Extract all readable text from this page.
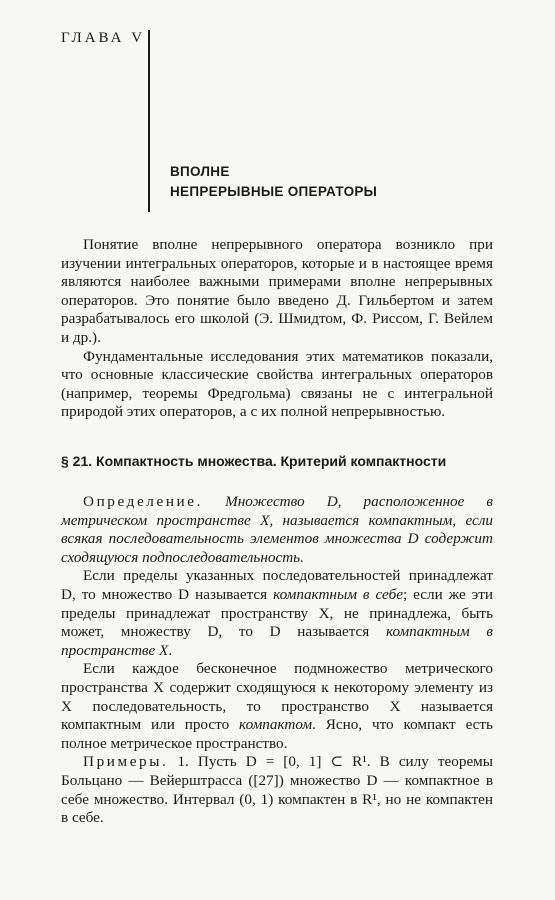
ГЛАВА V
ВПОЛНЕ
НЕПРЕРЫВНЫЕ ОПЕРАТОРЫ

Понятие вполне непрерывного оператора возникло при изучении интегральных операторов, которые и в настоящее время являются наиболее важными примерами вполне непрерывных операторов. Это понятие было введено Д. Гильбертом и затем разрабатывалось его школой (Э. Шмидтом, Ф. Риссом, Г. Вейлем и др.).

Фундаментальные исследования этих математиков показали, что основные классические свойства интегральных операторов (например, теоремы Фредгольма) связаны не с интегральной природой этих операторов, а с их полной непрерывностью.

§ 21. Компактность множества. Критерий компактности

Определение. Множество D, расположенное в метрическом пространстве X, называется компактным, если всякая последовательность элементов множества D содержит сходящуюся подпоследовательность.

Если пределы указанных последовательностей принадлежат D, то множество D называется компактным в себе; если же эти пределы принадлежат пространству X, не принадлежа, быть может, множеству D, то D называется компактным в пространстве X.

Если каждое бесконечное подмножество метрического пространства X содержит сходящуюся к некоторому элементу из X последовательность, то пространство X называется компактным или просто компактом. Ясно, что компакт есть полное метрическое пространство.

Примеры. 1. Пусть D = [0, 1] ⊂ R¹. В силу теоремы Больцано — Вейерштрасса ([27]) множество D — компактное в себе множество. Интервал (0, 1) компактен в R¹, но не компактен в себе.
